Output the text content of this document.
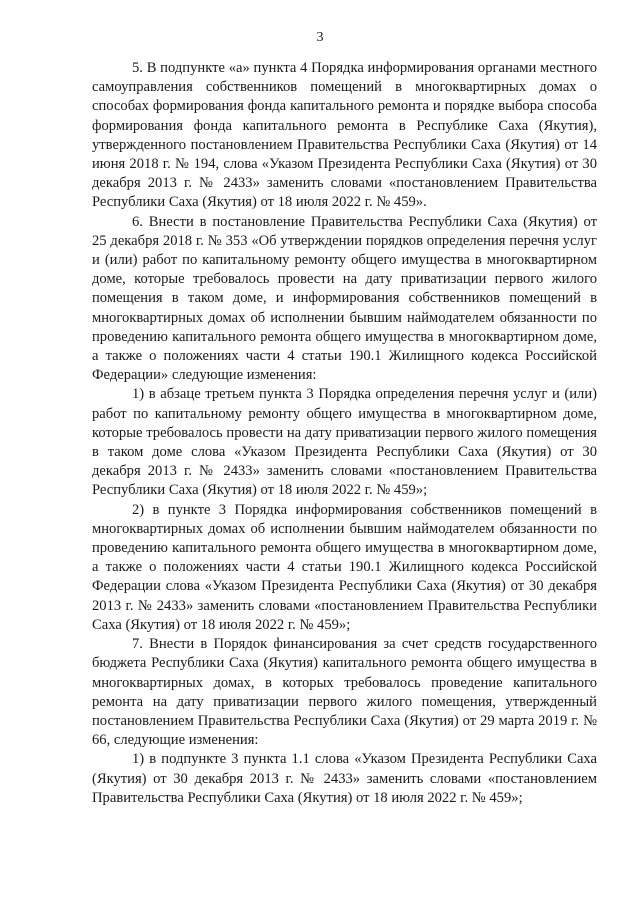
3

5. В подпункте «а» пункта 4 Порядка информирования органами местного самоуправления собственников помещений в многоквартирных домах о способах формирования фонда капитального ремонта и порядке выбора способа формирования фонда капитального ремонта в Республике Саха (Якутия), утвержденного постановлением Правительства Республики Саха (Якутия) от 14 июня 2018 г. № 194, слова «Указом Президента Республики Саха (Якутия) от 30 декабря 2013 г. № 2433» заменить словами «постановлением Правительства Республики Саха (Якутия) от 18 июля 2022 г. № 459».

6. Внести в постановление Правительства Республики Саха (Якутия) от 25 декабря 2018 г. № 353 «Об утверждении порядков определения перечня услуг и (или) работ по капитальному ремонту общего имущества в многоквартирном доме, которые требовалось провести на дату приватизации первого жилого помещения в таком доме, и информирования собственников помещений в многоквартирных домах об исполнении бывшим наймодателем обязанности по проведению капитального ремонта общего имущества в многоквартирном доме, а также о положениях части 4 статьи 190.1 Жилищного кодекса Российской Федерации» следующие изменения:

1) в абзаце третьем пункта 3 Порядка определения перечня услуг и (или) работ по капитальному ремонту общего имущества в многоквартирном доме, которые требовалось провести на дату приватизации первого жилого помещения в таком доме слова «Указом Президента Республики Саха (Якутия) от 30 декабря 2013 г. № 2433» заменить словами «постановлением Правительства Республики Саха (Якутия) от 18 июля 2022 г. № 459»;

2) в пункте 3 Порядка информирования собственников помещений в многоквартирных домах об исполнении бывшим наймодателем обязанности по проведению капитального ремонта общего имущества в многоквартирном доме, а также о положениях части 4 статьи 190.1 Жилищного кодекса Российской Федерации слова «Указом Президента Республики Саха (Якутия) от 30 декабря 2013 г. № 2433» заменить словами «постановлением Правительства Республики Саха (Якутия) от 18 июля 2022 г. № 459»;

7. Внести в Порядок финансирования за счет средств государственного бюджета Республики Саха (Якутия) капитального ремонта общего имущества в многоквартирных домах, в которых требовалось проведение капитального ремонта на дату приватизации первого жилого помещения, утвержденный постановлением Правительства Республики Саха (Якутия) от 29 марта 2019 г. № 66, следующие изменения:

1) в подпункте 3 пункта 1.1 слова «Указом Президента Республики Саха (Якутия) от 30 декабря 2013 г. № 2433» заменить словами «постановлением Правительства Республики Саха (Якутия) от 18 июля 2022 г. № 459»;
